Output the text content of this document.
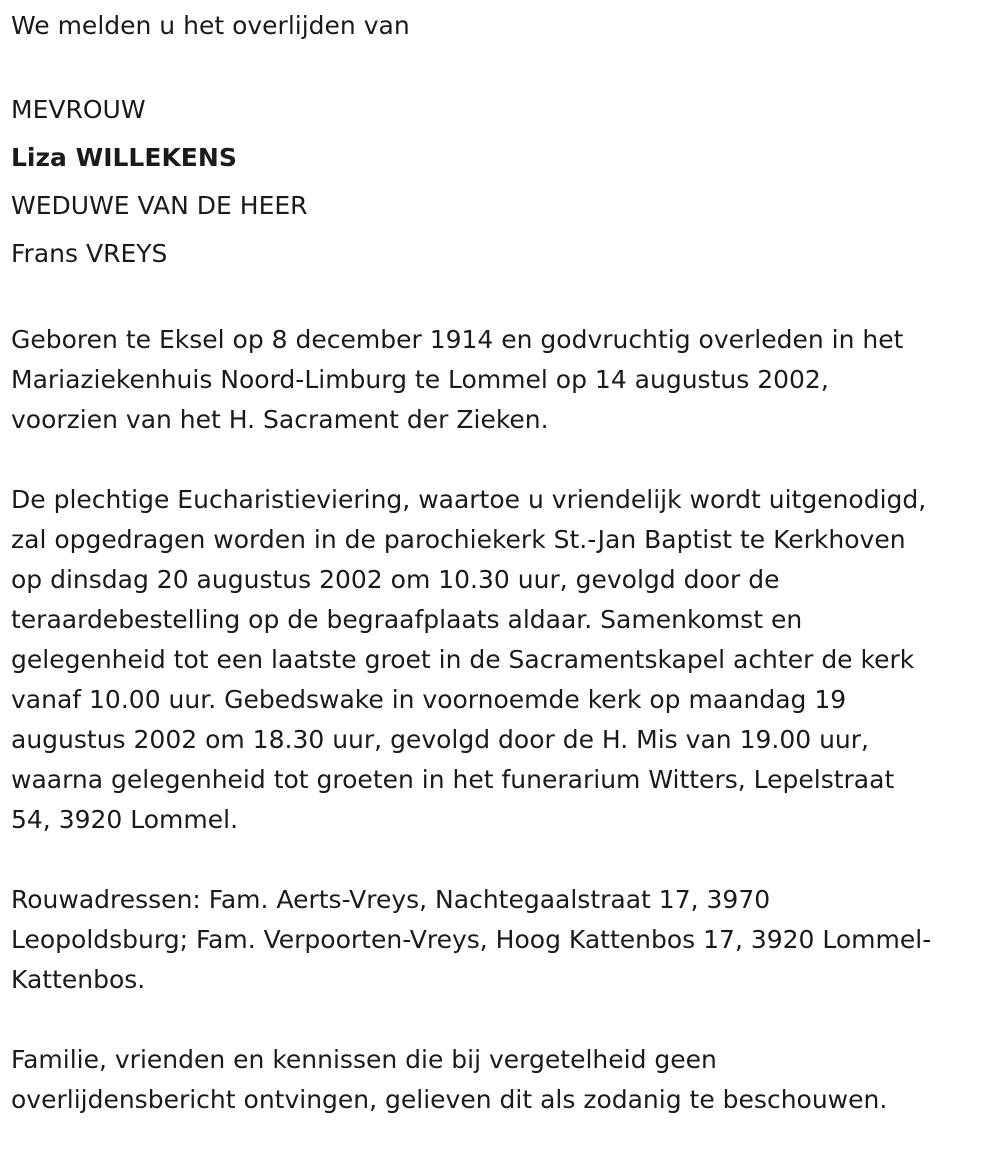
We melden u het overlijden van
MEVROUW
Liza WILLEKENS
WEDUWE VAN DE HEER
Frans VREYS
Geboren te Eksel op 8 december 1914 en godvruchtig overleden in het
Mariaziekenhuis Noord-Limburg te Lommel op 14 augustus 2002,
voorzien van het H. Sacrament der Zieken.
De plechtige Eucharistieviering, waartoe u vriendelijk wordt uitgenodigd,
zal opgedragen worden in de parochiekerk St.-Jan Baptist te Kerkhoven
op dinsdag 20 augustus 2002 om 10.30 uur, gevolgd door de
teraardebestelling op de begraafplaats aldaar. Samenkomst en
gelegenheid tot een laatste groet in de Sacramentskapel achter de kerk
vanaf 10.00 uur. Gebedswake in voornoemde kerk op maandag 19
augustus 2002 om 18.30 uur, gevolgd door de H. Mis van 19.00 uur,
waarna gelegenheid tot groeten in het funerarium Witters, Lepelstraat
54, 3920 Lommel.
Rouwadressen: Fam. Aerts-Vreys, Nachtegaalstraat 17, 3970
Leopoldsburg; Fam. Verpoorten-Vreys, Hoog Kattenbos 17, 3920 Lommel-
Kattenbos.
Familie, vrienden en kennissen die bij vergetelheid geen
overlijdensbericht ontvingen, gelieven dit als zodanig te beschouwen.
